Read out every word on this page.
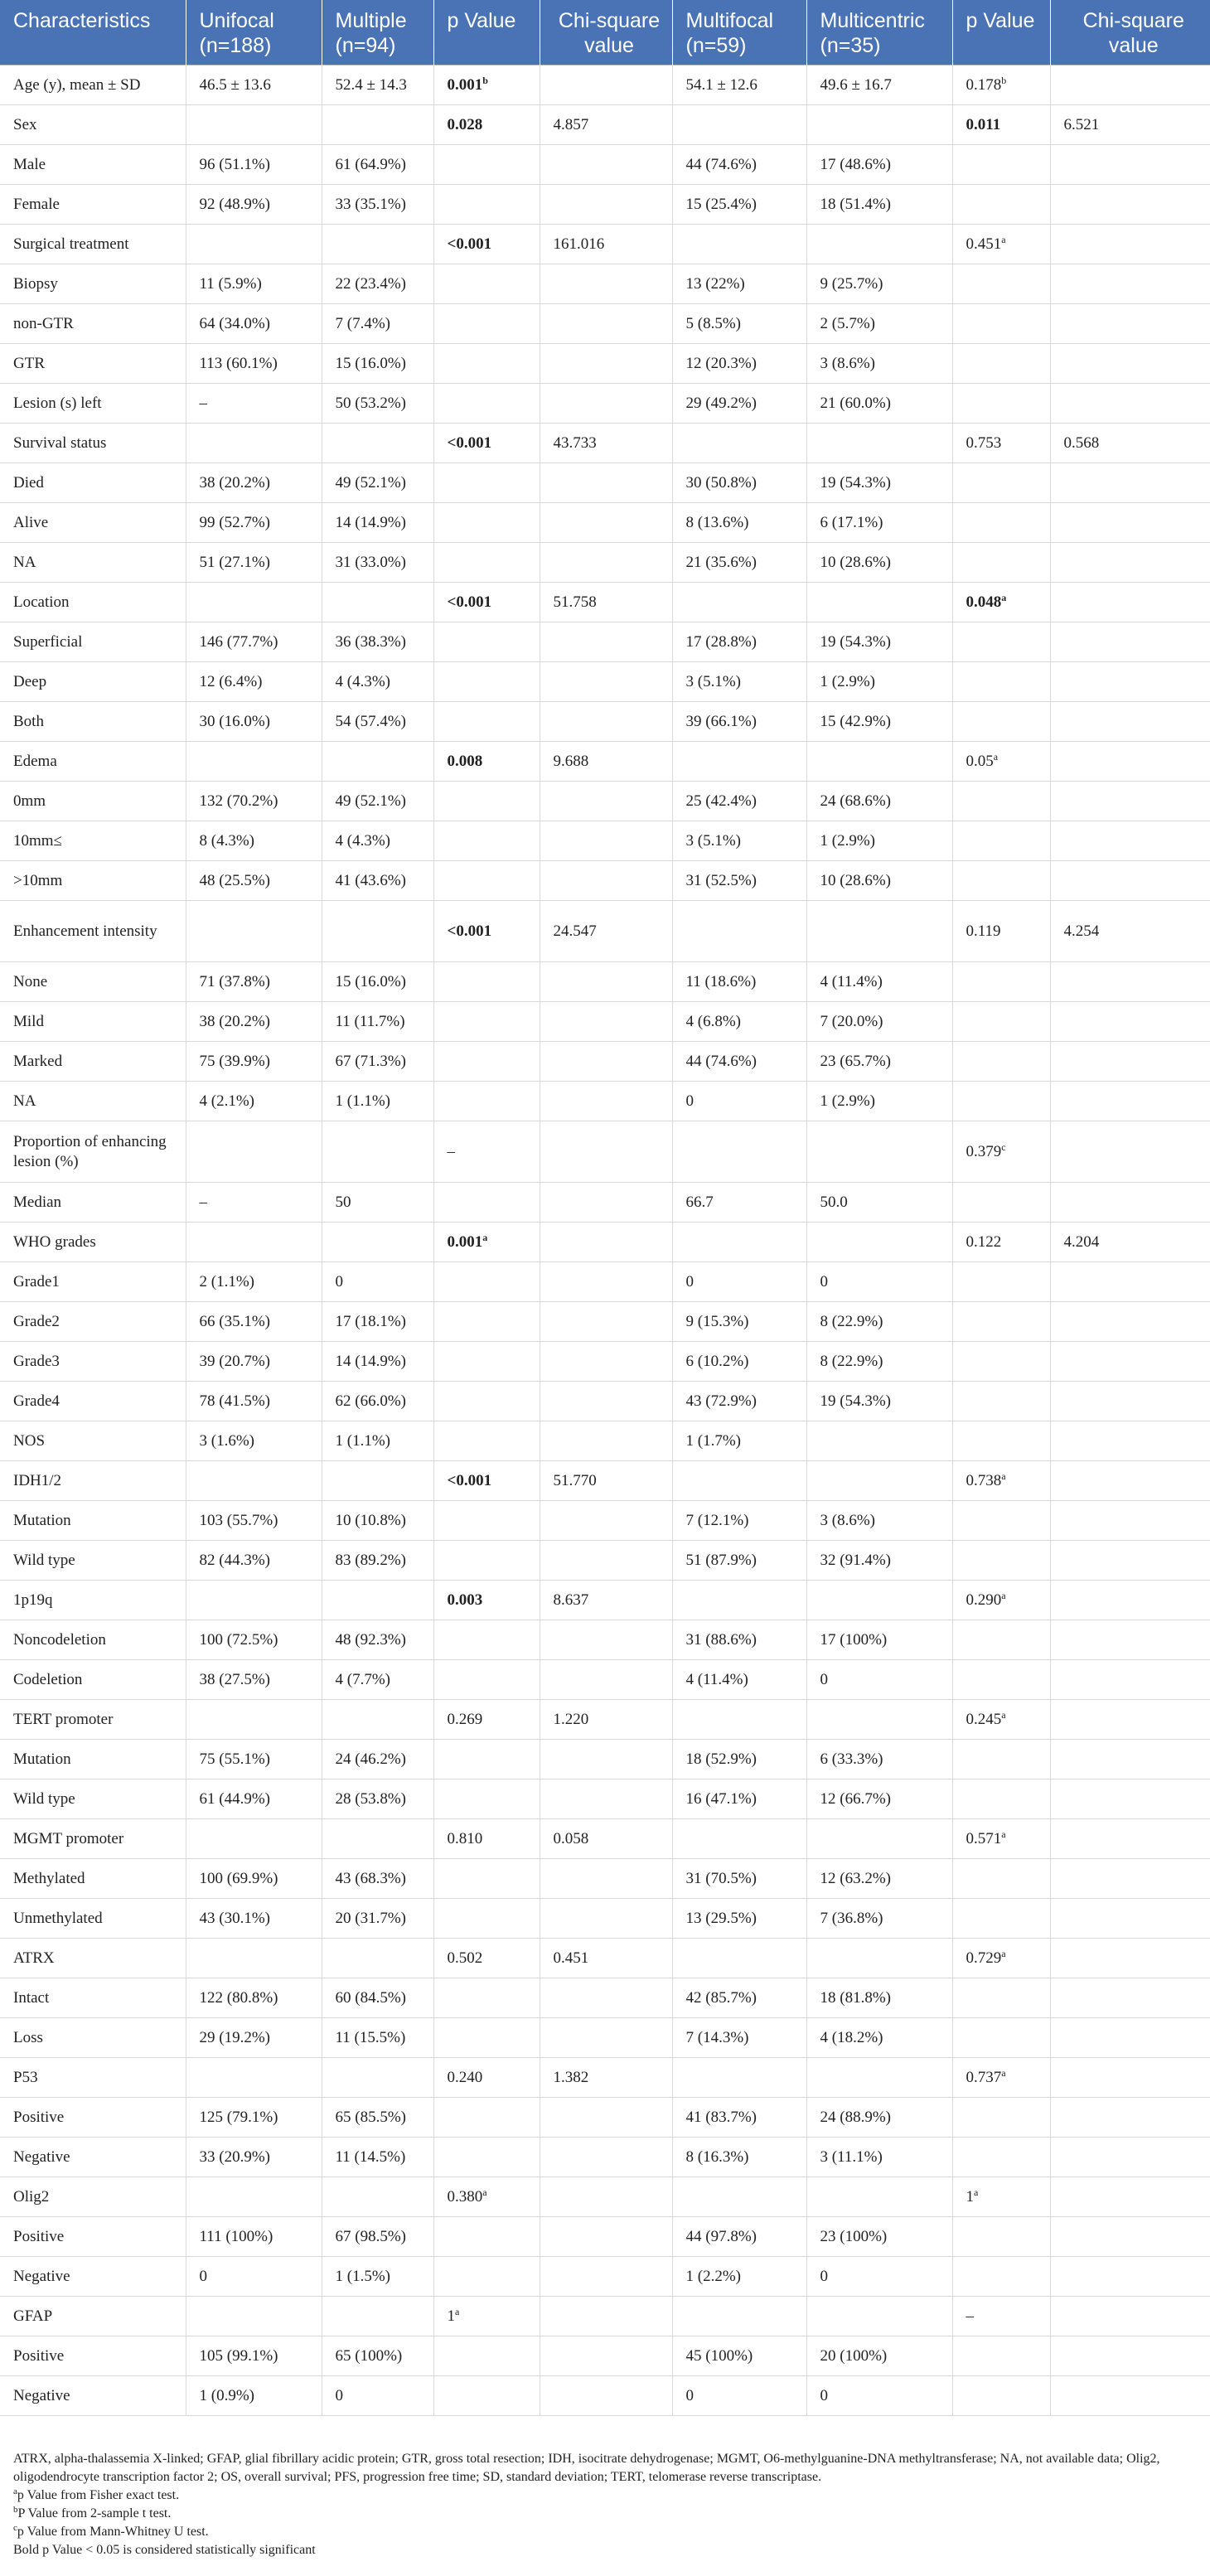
Characteristics	Unifocal (n=188)	Multiple (n=94)	p Value	Chi-square value	Multifocal (n=59)	Multicentric (n=35)	p Value	Chi-square value
Age (y), mean ± SD	46.5 ± 13.6	52.4 ± 14.3	0.001$^b$		54.1 ± 12.6	49.6 ± 16.7	0.178$^b$	
Sex			0.028	4.857			0.011	6.521
Male	96 (51.1%)	61 (64.9%)			44 (74.6%)	17 (48.6%)		
Female	92 (48.9%)	33 (35.1%)			15 (25.4%)	18 (51.4%)		
Surgical treatment			<0.001	161.016			0.451$^a$	
Biopsy	11 (5.9%)	22 (23.4%)			13 (22%)	9 (25.7%)		
non-GTR	64 (34.0%)	7 (7.4%)			5 (8.5%)	2 (5.7%)		
GTR	113 (60.1%)	15 (16.0%)			12 (20.3%)	3 (8.6%)		
Lesion (s) left	–	50 (53.2%)			29 (49.2%)	21 (60.0%)		
Survival status			<0.001	43.733			0.753	0.568
Died	38 (20.2%)	49 (52.1%)			30 (50.8%)	19 (54.3%)		
Alive	99 (52.7%)	14 (14.9%)			8 (13.6%)	6 (17.1%)		
NA	51 (27.1%)	31 (33.0%)			21 (35.6%)	10 (28.6%)		
Location			<0.001	51.758			0.048$^a$	
Superficial	146 (77.7%)	36 (38.3%)			17 (28.8%)	19 (54.3%)		
Deep	12 (6.4%)	4 (4.3%)			3 (5.1%)	1 (2.9%)		
Both	30 (16.0%)	54 (57.4%)			39 (66.1%)	15 (42.9%)		
Edema			0.008	9.688			0.05$^a$	
0mm	132 (70.2%)	49 (52.1%)			25 (42.4%)	24 (68.6%)		
10mm≤	8 (4.3%)	4 (4.3%)			3 (5.1%)	1 (2.9%)		
>10mm	48 (25.5%)	41 (43.6%)			31 (52.5%)	10 (28.6%)		
Enhancement intensity			<0.001	24.547			0.119	4.254
None	71 (37.8%)	15 (16.0%)			11 (18.6%)	4 (11.4%)		
Mild	38 (20.2%)	11 (11.7%)			4 (6.8%)	7 (20.0%)		
Marked	75 (39.9%)	67 (71.3%)			44 (74.6%)	23 (65.7%)		
NA	4 (2.1%)	1 (1.1%)			0	1 (2.9%)		
Proportion of enhancing lesion (%)			–				0.379$^c$	
Median	–	50			66.7	50.0		
WHO grades			0.001$^a$				0.122	4.204
Grade1	2 (1.1%)	0			0	0		
Grade2	66 (35.1%)	17 (18.1%)			9 (15.3%)	8 (22.9%)		
Grade3	39 (20.7%)	14 (14.9%)			6 (10.2%)	8 (22.9%)		
Grade4	78 (41.5%)	62 (66.0%)			43 (72.9%)	19 (54.3%)		
NOS	3 (1.6%)	1 (1.1%)			1 (1.7%)			
IDH1/2			<0.001	51.770			0.738$^a$	
Mutation	103 (55.7%)	10 (10.8%)			7 (12.1%)	3 (8.6%)		
Wild type	82 (44.3%)	83 (89.2%)			51 (87.9%)	32 (91.4%)		
1p19q			0.003	8.637			0.290$^a$	
Noncodeletion	100 (72.5%)	48 (92.3%)			31 (88.6%)	17 (100%)		
Codeletion	38 (27.5%)	4 (7.7%)			4 (11.4%)	0		
TERT promoter			0.269	1.220			0.245$^a$	
Mutation	75 (55.1%)	24 (46.2%)			18 (52.9%)	6 (33.3%)		
Wild type	61 (44.9%)	28 (53.8%)			16 (47.1%)	12 (66.7%)		
MGMT promoter			0.810	0.058			0.571$^a$	
Methylated	100 (69.9%)	43 (68.3%)			31 (70.5%)	12 (63.2%)		
Unmethylated	43 (30.1%)	20 (31.7%)			13 (29.5%)	7 (36.8%)		
ATRX			0.502	0.451			0.729$^a$	
Intact	122 (80.8%)	60 (84.5%)			42 (85.7%)	18 (81.8%)		
Loss	29 (19.2%)	11 (15.5%)			7 (14.3%)	4 (18.2%)		
P53			0.240	1.382			0.737$^a$	
Positive	125 (79.1%)	65 (85.5%)			41 (83.7%)	24 (88.9%)		
Negative	33 (20.9%)	11 (14.5%)			8 (16.3%)	3 (11.1%)		
Olig2			0.380$^a$				1$^a$	
Positive	111 (100%)	67 (98.5%)			44 (97.8%)	23 (100%)		
Negative	0	1 (1.5%)			1 (2.2%)	0		
GFAP			1$^a$				–	
Positive	105 (99.1%)	65 (100%)			45 (100%)	20 (100%)		
Negative	1 (0.9%)	0			0	0		

ATRX, alpha-thalassemia X-linked; GFAP, glial fibrillary acidic protein; GTR, gross total resection; IDH, isocitrate dehydrogenase; MGMT, O6-methylguanine-DNA methyltransferase; NA, not available data; Olig2, oligodendrocyte transcription factor 2; OS, overall survival; PFS, progression free time; SD, standard deviation; TERT, telomerase reverse transcriptase.

$^a$p Value from Fisher exact test.

$^b$P Value from 2-sample t test.

$^c$p Value from Mann-Whitney U test.

Bold p Value < 0.05 is considered statistically significant
